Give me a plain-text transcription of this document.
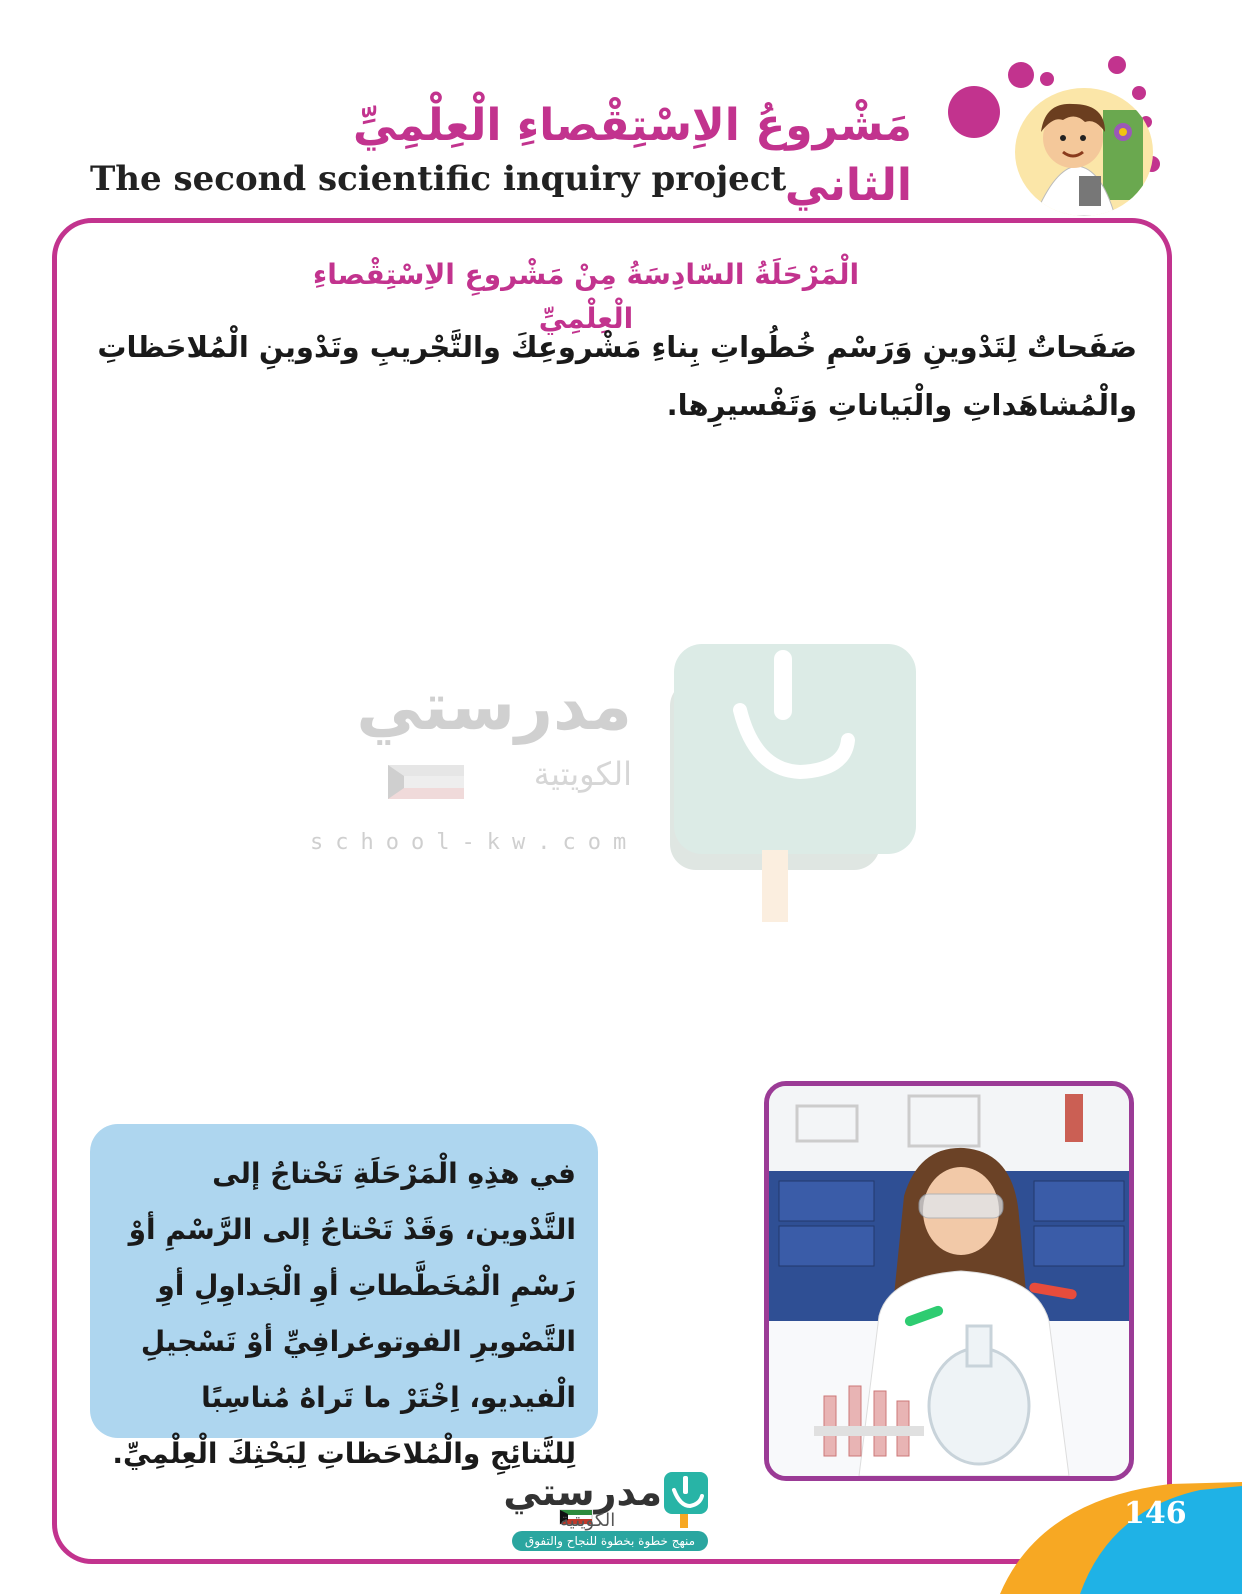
مَشْروعُ الاِسْتِقْصاءِ الْعِلْمِيِّ الثاني
The second scientific inquiry project
الْمَرْحَلَةُ السّادِسَةُ مِنْ مَشْروعِ الاِسْتِقْصاءِ الْعِلْمِيِّ
صَفَحاتٌ لِتَدْوينِ وَرَسْمِ خُطُواتِ بِناءِ مَشْروعِكَ والتَّجْريبِ وتَدْوينِ الْمُلاحَظاتِ والْمُشاهَداتِ والْبَياناتِ وَتَفْسيرِها.
مدرستي
الكويتية
school-kw.com
في هذِهِ الْمَرْحَلَةِ تَحْتاجُ إلى التَّدْوين، وَقَدْ تَحْتاجُ إلى الرَّسْمِ أوْ رَسْمِ الْمُخَطَّطاتِ أوِ الْجَداوِلِ أوِ التَّصْويرِ الفوتوغرافِيِّ أوْ تَسْجيلِ الْفيديو، اِخْتَرْ ما تَراهُ مُناسِبًا لِلنَّتائِجِ والْمُلاحَظاتِ لِبَحْثِكَ الْعِلْمِيِّ.
مدرستي
الكويتية
منهج خطوة بخطوة للنجاح والتفوق
146
